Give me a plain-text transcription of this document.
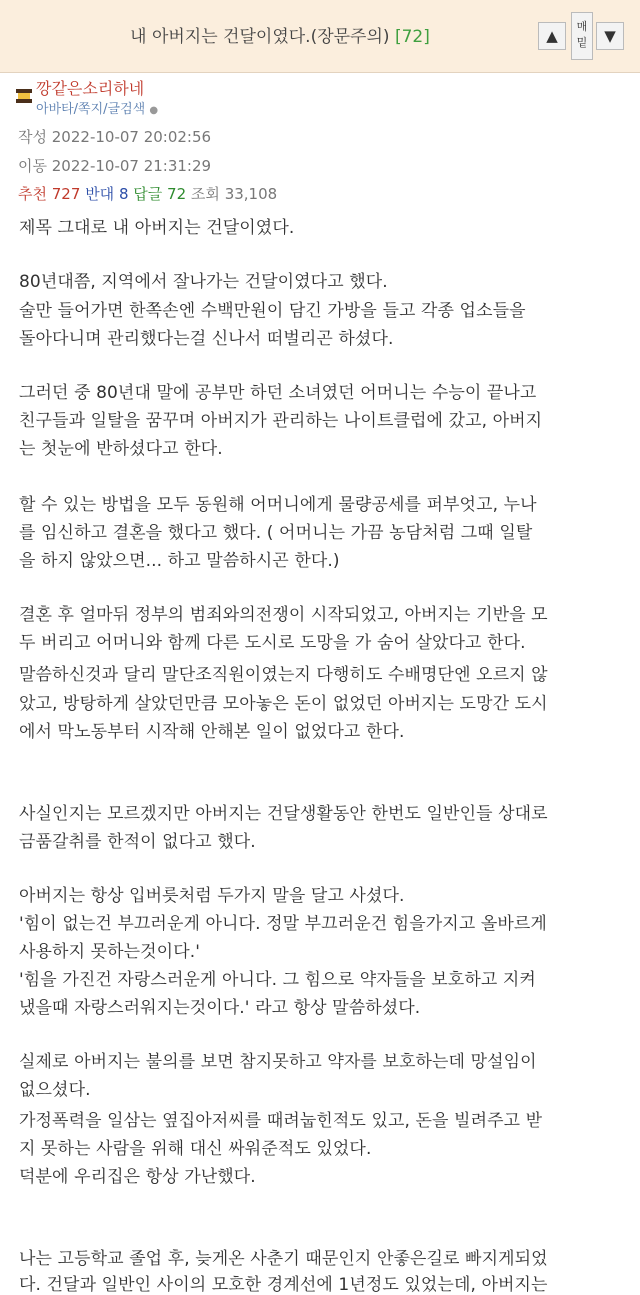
내 아버지는 건달이였다.(장문주의) [72]	▲
매
밑	▼
깡같은소리하네
아바타/쪽지/글검색 ●
작성 2022-10-07 20:02:56
이동 2022-10-07 21:31:29
추천 727 반대 8 답글 72 조회 33,108
제목 그대로 내 아버지는 건달이였다.
80년대쯤, 지역에서 잘나가는 건달이였다고 했다.
술만 들어가면 한쪽손엔 수백만원이 담긴 가방을 들고 각종 업소들을
돌아다니며 관리했다는걸 신나서 떠벌리곤 하셨다.
그러던 중 80년대 말에 공부만 하던 소녀였던 어머니는 수능이 끝나고
친구들과 일탈을 꿈꾸며 아버지가 관리하는 나이트클럽에 갔고, 아버지
는 첫눈에 반하셨다고 한다.
할 수 있는 방법을 모두 동원해 어머니에게 물량공세를 퍼부엇고, 누나
를 임신하고 결혼을 했다고 했다. ( 어머니는 가끔 농담처럼 그때 일탈
을 하지 않았으면... 하고 말씀하시곤 한다.)
결혼 후 얼마뒤 정부의 범죄와의전쟁이 시작되었고, 아버지는 기반을 모
두 버리고 어머니와 함께 다른 도시로 도망을 가 숨어 살았다고 한다.
말씀하신것과 달리 말단조직원이였는지 다행히도 수배명단엔 오르지 않
았고, 방탕하게 살았던만큼 모아놓은 돈이 없었던 아버지는 도망간 도시
에서 막노동부터 시작해 안해본 일이 없었다고 한다.
사실인지는 모르겠지만 아버지는 건달생활동안 한번도 일반인들 상대로
금품갈취를 한적이 없다고 했다.
아버지는 항상 입버릇처럼 두가지 말을 달고 사셨다.
'힘이 없는건 부끄러운게 아니다. 정말 부끄러운건 힘을가지고 올바르게
사용하지 못하는것이다.'
'힘을 가진건 자랑스러운게 아니다. 그 힘으로 약자들을 보호하고 지켜
냈을때 자랑스러워지는것이다.' 라고 항상 말씀하셨다.
실제로 아버지는 불의를 보면 참지못하고 약자를 보호하는데 망설임이
없으셨다.
가정폭력을 일삼는 옆집아저씨를 때려눕힌적도 있고, 돈을 빌려주고 받
지 못하는 사람을 위해 대신 싸워준적도 있었다.
덕분에 우리집은 항상 가난했다.
나는 고등학교 졸업 후, 늦게온 사춘기 때문인지 안좋은길로 빠지게되었
다. 건달과 일반인 사이의 모호한 경계선에 1년정도 있었는데, 아버지는
